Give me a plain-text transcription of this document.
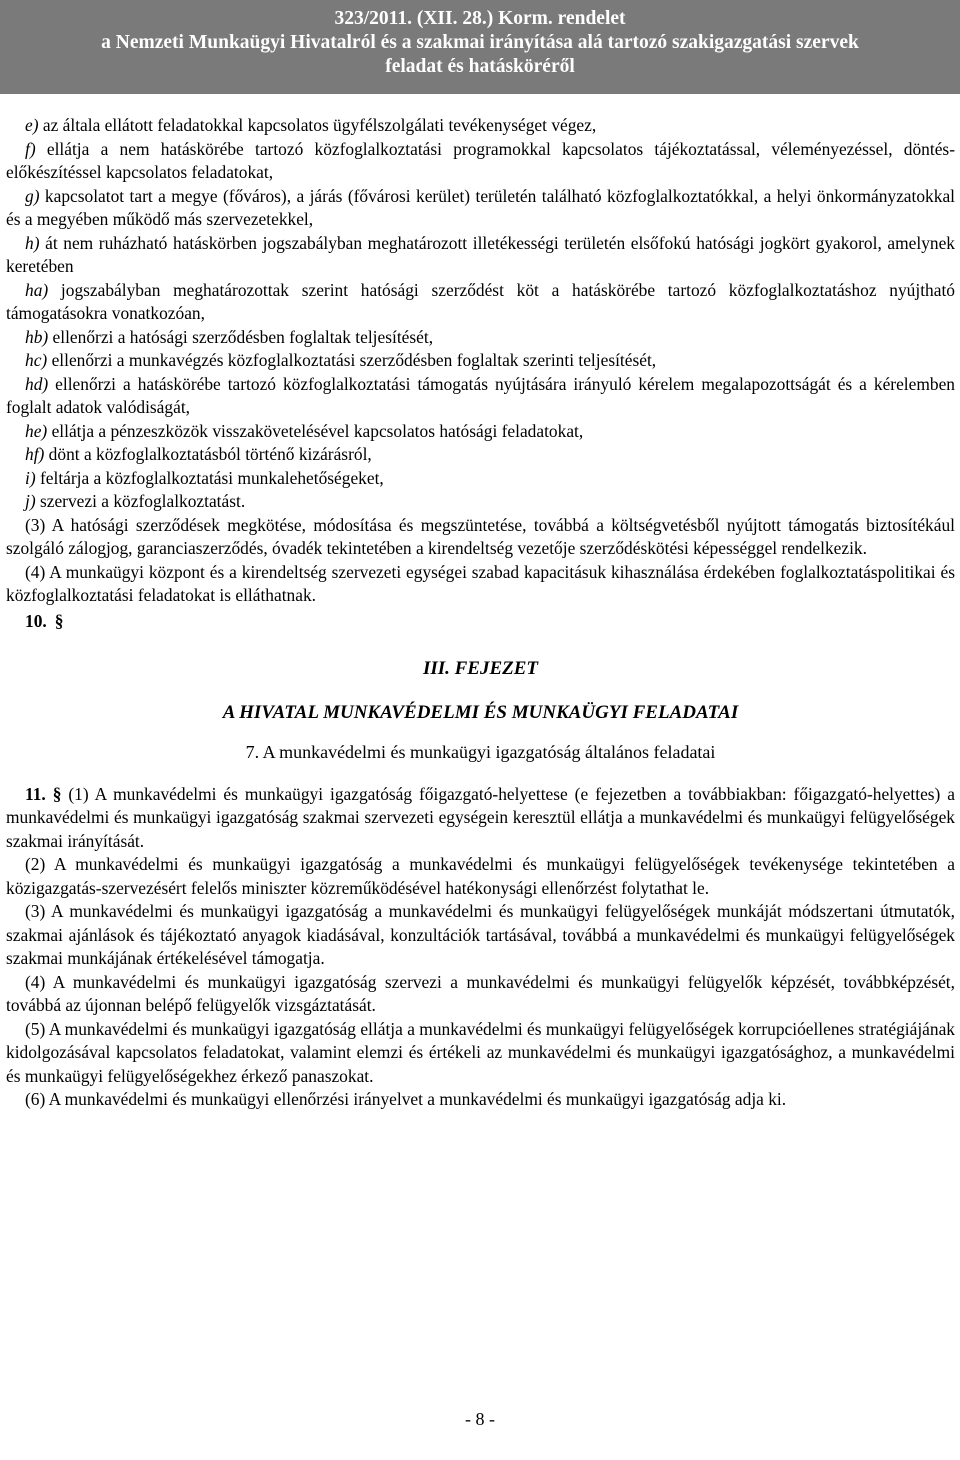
323/2011. (XII. 28.) Korm. rendelet
a Nemzeti Munkaügyi Hivatalról és a szakmai irányítása alá tartozó szakigazgatási szervek
feladat és hatásköréről

e) az általa ellátott feladatokkal kapcsolatos ügyfélszolgálati tevékenységet végez,

f) ellátja a nem hatáskörébe tartozó közfoglalkoztatási programokkal kapcsolatos tájékoztatással, véleményezéssel, döntés-előkészítéssel kapcsolatos feladatokat,

g) kapcsolatot tart a megye (főváros), a járás (fővárosi kerület) területén található közfoglalkoztatókkal, a helyi önkormányzatokkal és a megyében működő más szervezetekkel,

h) át nem ruházható hatáskörben jogszabályban meghatározott illetékességi területén elsőfokú hatósági jogkört gyakorol, amelynek keretében

ha) jogszabályban meghatározottak szerint hatósági szerződést köt a hatáskörébe tartozó közfoglalkoztatáshoz nyújtható támogatásokra vonatkozóan,

hb) ellenőrzi a hatósági szerződésben foglaltak teljesítését,

hc) ellenőrzi a munkavégzés közfoglalkoztatási szerződésben foglaltak szerinti teljesítését,

hd) ellenőrzi a hatáskörébe tartozó közfoglalkoztatási támogatás nyújtására irányuló kérelem megalapozottságát és a kérelemben foglalt adatok valódiságát,

he) ellátja a pénzeszközök visszakövetelésével kapcsolatos hatósági feladatokat,

hf) dönt a közfoglalkoztatásból történő kizárásról,

i) feltárja a közfoglalkoztatási munkalehetőségeket,

j) szervezi a közfoglalkoztatást.

(3) A hatósági szerződések megkötése, módosítása és megszüntetése, továbbá a költségvetésből nyújtott támogatás biztosítékául szolgáló zálogjog, garanciaszerződés, óvadék tekintetében a kirendeltség vezetője szerződéskötési képességgel rendelkezik.

(4) A munkaügyi központ és a kirendeltség szervezeti egységei szabad kapacitásuk kihasználása érdekében foglalkoztatáspolitikai és közfoglalkoztatási feladatokat is elláthatnak.

10. §

III. FEJEZET

A HIVATAL MUNKAVÉDELMI ÉS MUNKAÜGYI FELADATAI

7. A munkavédelmi és munkaügyi igazgatóság általános feladatai

11. § (1) A munkavédelmi és munkaügyi igazgatóság főigazgató-helyettese (e fejezetben a továbbiakban: főigazgató-helyettes) a munkavédelmi és munkaügyi igazgatóság szakmai szervezeti egységein keresztül ellátja a munkavédelmi és munkaügyi felügyelőségek szakmai irányítását.

(2) A munkavédelmi és munkaügyi igazgatóság a munkavédelmi és munkaügyi felügyelőségek tevékenysége tekintetében a közigazgatás-szervezésért felelős miniszter közreműködésével hatékonysági ellenőrzést folytathat le.

(3) A munkavédelmi és munkaügyi igazgatóság a munkavédelmi és munkaügyi felügyelőségek munkáját módszertani útmutatók, szakmai ajánlások és tájékoztató anyagok kiadásával, konzultációk tartásával, továbbá a munkavédelmi és munkaügyi felügyelőségek szakmai munkájának értékelésével támogatja.

(4) A munkavédelmi és munkaügyi igazgatóság szervezi a munkavédelmi és munkaügyi felügyelők képzését, továbbképzését, továbbá az újonnan belépő felügyelők vizsgáztatását.

(5) A munkavédelmi és munkaügyi igazgatóság ellátja a munkavédelmi és munkaügyi felügyelőségek korrupcióellenes stratégiájának kidolgozásával kapcsolatos feladatokat, valamint elemzi és értékeli az munkavédelmi és munkaügyi igazgatósághoz, a munkavédelmi és munkaügyi felügyelőségekhez érkező panaszokat.

(6) A munkavédelmi és munkaügyi ellenőrzési irányelvet a munkavédelmi és munkaügyi igazgatóság adja ki.

- 8 -
